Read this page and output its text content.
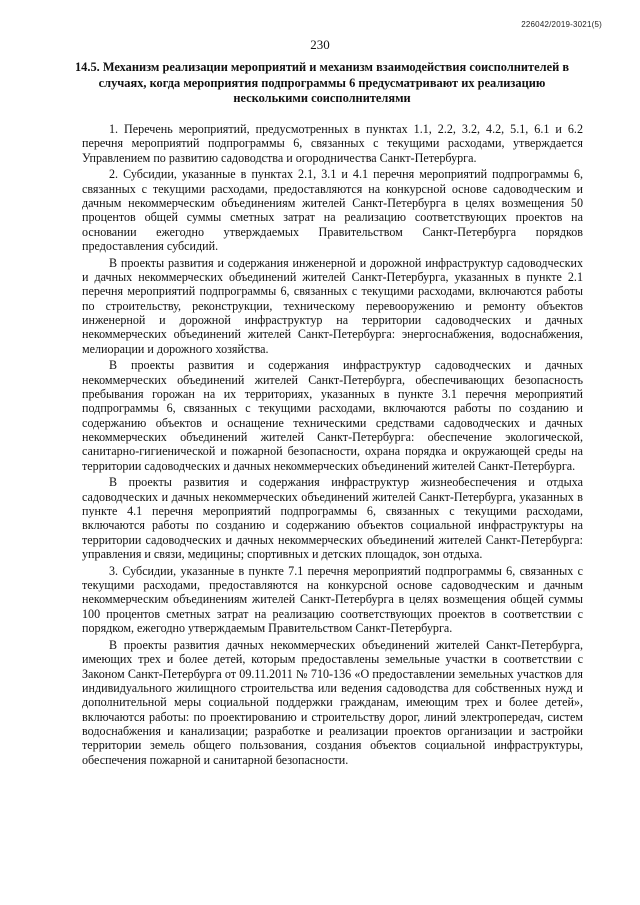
226042/2019-3021(5)
230
14.5. Механизм реализации мероприятий и механизм взаимодействия соисполнителей в случаях, когда мероприятия подпрограммы 6 предусматривают их реализацию несколькими соисполнителями

1. Перечень мероприятий, предусмотренных в пунктах 1.1, 2.2, 3.2, 4.2, 5.1, 6.1 и 6.2 перечня мероприятий подпрограммы 6, связанных с текущими расходами, утверждается Управлением по развитию садоводства и огородничества Санкт-Петербурга.

2. Субсидии, указанные в пунктах 2.1, 3.1 и 4.1 перечня мероприятий подпрограммы 6, связанных с текущими расходами, предоставляются на конкурсной основе садоводческим и дачным некоммерческим объединениям жителей Санкт-Петербурга в целях возмещения 50 процентов общей суммы сметных затрат на реализацию соответствующих проектов на основании ежегодно утверждаемых Правительством Санкт-Петербурга порядков предоставления субсидий.

В проекты развития и содержания инженерной и дорожной инфраструктур садоводческих и дачных некоммерческих объединений жителей Санкт-Петербурга, указанных в пункте 2.1 перечня мероприятий подпрограммы 6, связанных с текущими расходами, включаются работы по строительству, реконструкции, техническому перевооружению и ремонту объектов инженерной и дорожной инфраструктур на территории садоводческих и дачных некоммерческих объединений жителей Санкт-Петербурга: энергоснабжения, водоснабжения, мелиорации и дорожного хозяйства.

В проекты развития и содержания инфраструктур садоводческих и дачных некоммерческих объединений жителей Санкт-Петербурга, обеспечивающих безопасность пребывания горожан на их территориях, указанных в пункте 3.1 перечня мероприятий подпрограммы 6, связанных с текущими расходами, включаются работы по созданию и содержанию объектов и оснащение техническими средствами садоводческих и дачных некоммерческих объединений жителей Санкт-Петербурга: обеспечение экологической, санитарно-гигиенической и пожарной безопасности, охрана порядка и окружающей среды на территории садоводческих и дачных некоммерческих объединений жителей Санкт-Петербурга.

В проекты развития и содержания инфраструктур жизнеобеспечения и отдыха садоводческих и дачных некоммерческих объединений жителей Санкт-Петербурга, указанных в пункте 4.1 перечня мероприятий подпрограммы 6, связанных с текущими расходами, включаются работы по созданию и содержанию объектов социальной инфраструктуры на территории садоводческих и дачных некоммерческих объединений жителей Санкт-Петербурга: управления и связи, медицины; спортивных и детских площадок, зон отдыха.

3. Субсидии, указанные в пункте 7.1 перечня мероприятий подпрограммы 6, связанных с текущими расходами, предоставляются на конкурсной основе садоводческим и дачным некоммерческим объединениям жителей Санкт-Петербурга в целях возмещения общей суммы 100 процентов сметных затрат на реализацию соответствующих проектов в соответствии с порядком, ежегодно утверждаемым Правительством Санкт-Петербурга.

В проекты развития дачных некоммерческих объединений жителей Санкт-Петербурга, имеющих трех и более детей, которым предоставлены земельные участки в соответствии с Законом Санкт-Петербурга от 09.11.2011 № 710-136 «О предоставлении земельных участков для индивидуального жилищного строительства или ведения садоводства для собственных нужд и дополнительной меры социальной поддержки гражданам, имеющим трех и более детей», включаются работы: по проектированию и строительству дорог, линий электропередач, систем водоснабжения и канализации; разработке и реализации проектов организации и застройки территории земель общего пользования, создания объектов социальной инфраструктуры, обеспечения пожарной и санитарной безопасности.
